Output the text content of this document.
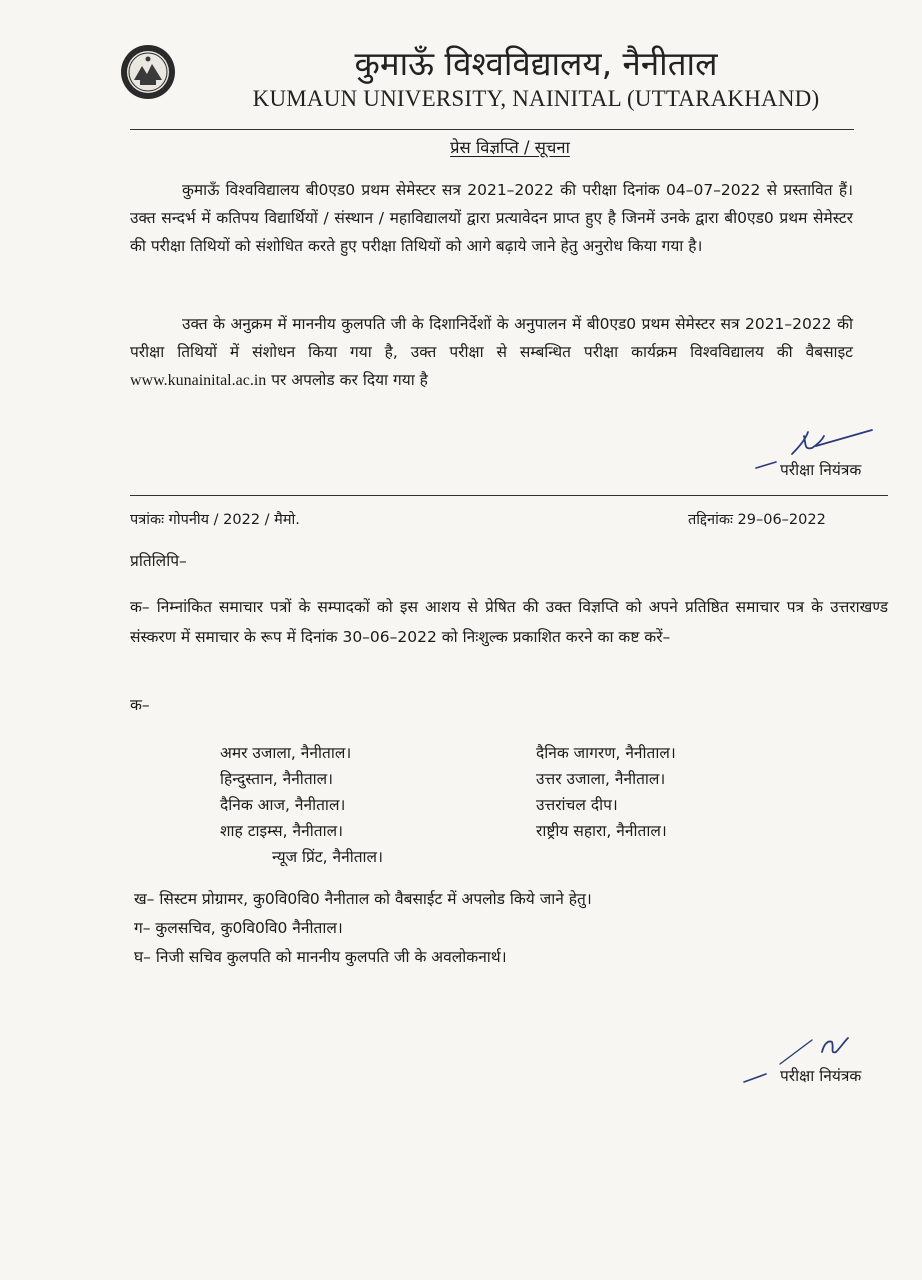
कुमाऊँ विश्वविद्यालय, नैनीताल
KUMAUN UNIVERSITY, NAINITAL (UTTARAKHAND)
प्रेस विज्ञप्ति / सूचना
कुमाऊँ विश्वविद्यालय बी0एड0 प्रथम सेमेस्टर सत्र 2021–2022 की परीक्षा दिनांक 04–07–2022 से प्रस्तावित हैं। उक्त सन्दर्भ में कतिपय विद्यार्थियों / संस्थान / महाविद्यालयों द्वारा प्रत्यावेदन प्राप्त हुए है जिनमें उनके द्वारा बी0एड0 प्रथम सेमेस्टर की परीक्षा तिथियों को संशोधित करते हुए परीक्षा तिथियों को आगे बढ़ाये जाने हेतु अनुरोध किया गया है।
उक्त के अनुक्रम में माननीय कुलपति जी के दिशानिर्देशों के अनुपालन में बी0एड0 प्रथम सेमेस्टर सत्र 2021–2022 की परीक्षा तिथियों में संशोधन किया गया है, उक्त परीक्षा से सम्बन्धित परीक्षा कार्यक्रम विश्वविद्यालय की वैबसाइट www.kunainital.ac.in पर अपलोड कर दिया गया है
परीक्षा नियंत्रक
पत्रांकः गोपनीय / 2022 / मैमो.	तद्दिनांकः 29–06–2022
प्रतिलिपि–
क– निम्नांकित समाचार पत्रों के सम्पादकों को इस आशय से प्रेषित की उक्त विज्ञप्ति को अपने प्रतिष्ठित समाचार पत्र के उत्तराखण्ड संस्करण में समाचार के रूप में दिनांक 30–06–2022 को निःशुल्क प्रकाशित करने का कष्ट करें–
क–
अमर उजाला, नैनीताल।
हिन्दुस्तान, नैनीताल।
दैनिक आज, नैनीताल।
शाह टाइम्स, नैनीताल।
न्यूज प्रिंट, नैनीताल।
दैनिक जागरण, नैनीताल।
उत्तर उजाला, नैनीताल।
उत्तरांचल दीप।
राष्ट्रीय सहारा, नैनीताल।
ख– सिस्टम प्रोग्रामर, कु0वि0वि0 नैनीताल को वैबसाईट में अपलोड किये जाने हेतु।
ग– कुलसचिव, कु0वि0वि0 नैनीताल।
घ– निजी सचिव कुलपति को माननीय कुलपति जी के अवलोकनार्थ।
परीक्षा नियंत्रक
